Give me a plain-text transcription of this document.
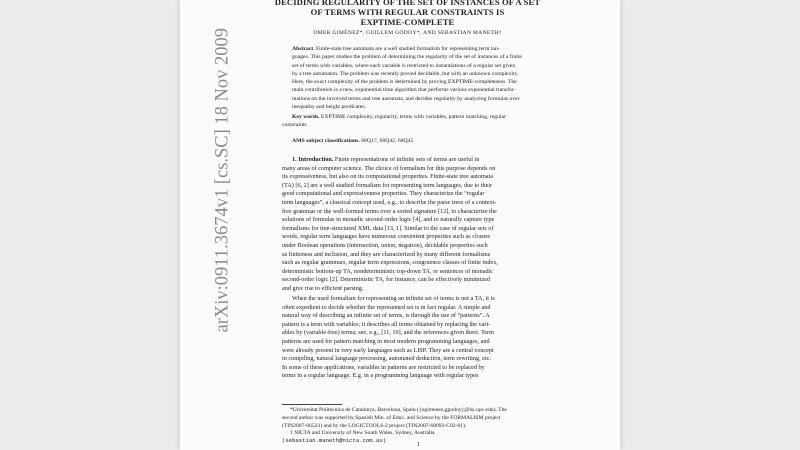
arXiv:0911.3674v1 [cs.SC] 18 Nov 2009
DECIDING REGULARITY OF THE SET OF INSTANCES OF A SET
OF TERMS WITH REGULAR CONSTRAINTS IS
EXPTIME-COMPLETE
OMER GIMÉNEZ*, GUILLEM GODOY*, AND SEBASTIAN MANETH†
Abstract. Finite-state tree automata are a well studied formalism for representing term lan-
guages. This paper studies the problem of determining the regularity of the set of instances of a finite
set of terms with variables, where each variable is restricted to instantiations of a regular set given
by a tree automaton. The problem was recently proved decidable, but with an unknown complexity.
Here, the exact complexity of the problem is determined by proving EXPTIME-completeness. The
main contribution is a new, exponential time algorithm that performs various exponential transfor-
mations on the involved terms and tree automata, and decides regularity by analyzing formulas over
inequality and height predicates.
Key words. EXPTIME complexity, regularity, terms with variables, pattern matching, regular
constraints
AMS subject classifications. 68Q17, 68Q42, 68Q45
1. Introduction. Finite representations of infinite sets of terms are useful in
many areas of computer science. The choice of formalism for this purpose depends on
its expressiveness, but also on its computational properties. Finite-state tree automata
(TA) [6, 2] are a well studied formalism for representing term languages, due to their
good computational and expressiveness properties. They characterize the “regular
term languages”, a classical concept used, e.g., to describe the parse trees of a context-
free grammar or the well-formed terms over a sorted signature [12], to characterize the
solutions of formulas in monadic second-order logic [4], and to naturally capture type
formalisms for tree-structured XML data [13, 1]. Similar to the case of regular sets of
words, regular term languages have numerous convenient properties such as closure
under Boolean operations (intersection, union, negation), decidable properties such
as finiteness and inclusion, and they are characterized by many different formalisms
such as regular grammars, regular term expressions, congruence classes of finite index,
deterministic bottom-up TA, nondeterministic top-down TA, or sentences of monadic
second-order logic [2]. Deterministic TA, for instance, can be effectively minimized
and give rise to efficient parsing.
When the used formalism for representing an infinite set of terms is not a TA, it is
often expedient to decide whether the represented set is in fact regular. A simple and
natural way of describing an infinite set of terms, is through the use of “patterns”. A
pattern is a term with variables; it describes all terms obtained by replacing the vari-
ables by (variable-free) terms; see, e.g., [11, 10], and the references given there. Term
patterns are used for pattern matching in most modern programming languages, and
were already present in very early languages such as LISP. They are a central concept
in compiling, natural language processing, automated deduction, term rewriting, etc.
In some of these applications, variables in patterns are restricted to be replaced by
terms in a regular language. E.g. in a programming language with regular types
*Universitat Politècnica de Catalunya, Barcelona, Spain ({ogimenez,ggodoy}@lsi.upc.edu). The
second author was supported by Spanish Min. of Educ. and Science by the FORMALISM project
(TIN2007-66523) and by the LOGICTOOLS-2 project (TIN2007-68093-C02-01).
† NICTA and University of New South Wales, Sydney, Australia
(sebastian.maneth@nicta.com.au)
1
